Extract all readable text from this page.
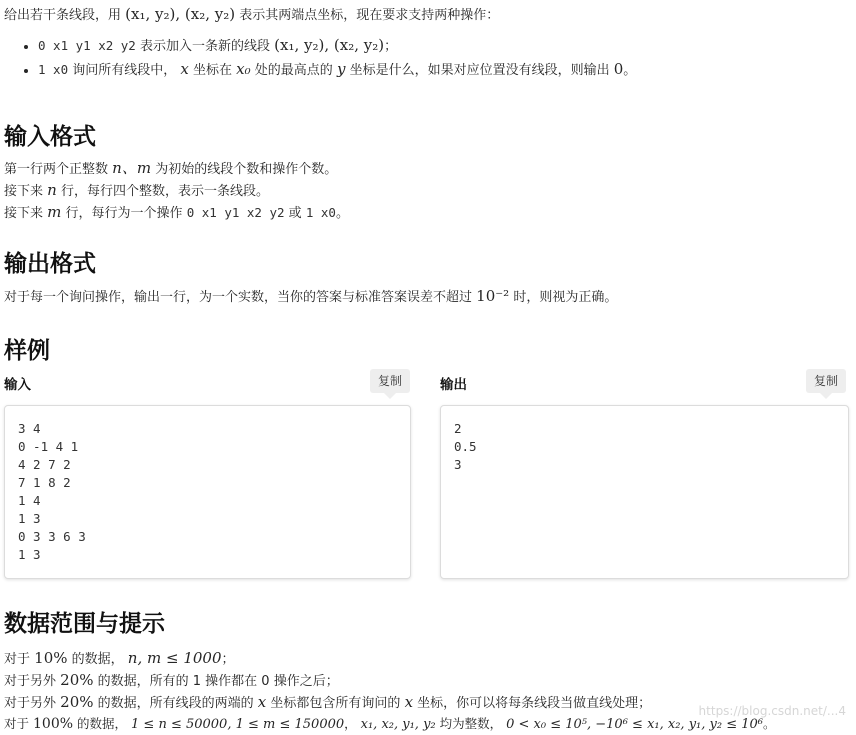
给出若干条线段，用 (x₁, y₂), (x₂, y₂) 表示其两端点坐标，现在要求支持两种操作：
• 0 x1 y1 x2 y2 表示加入一条新的线段 (x₁, y₂), (x₂, y₂)；
• 1 x0 询问所有线段中， x 坐标在 x₀ 处的最高点的 y 坐标是什么，如果对应位置没有线段，则输出 0。
输入格式
第一行两个正整数 n、m 为初始的线段个数和操作个数。
接下来 n 行，每行四个整数，表示一条线段。
接下来 m 行，每行为一个操作 0 x1 y1 x2 y2 或 1 x0。
输出格式
对于每一个询问操作，输出一行，为一个实数，当你的答案与标准答案误差不超过 10⁻² 时，则视为正确。
样例
输入	复制	输出	复制
3 4
0 -1 4 1
4 2 7 2
7 1 8 2
1 4
1 3
0 3 3 6 3
1 3
2
0.5
3
数据范围与提示
对于 10% 的数据， n, m ≤ 1000；
对于另外 20% 的数据，所有的 1 操作都在 0 操作之后；
对于另外 20% 的数据，所有线段的两端的 x 坐标都包含所有询问的 x 坐标，你可以将每条线段当做直线处理；
对于 100% 的数据， 1 ≤ n ≤ 50000, 1 ≤ m ≤ 150000， x₁, x₂, y₁, y₂ 均为整数， 0 < x₀ ≤ 10⁵, −10⁶ ≤ x₁, x₂, y₁, y₂ ≤ 10⁶。
https://blog.csdn.net/...4
